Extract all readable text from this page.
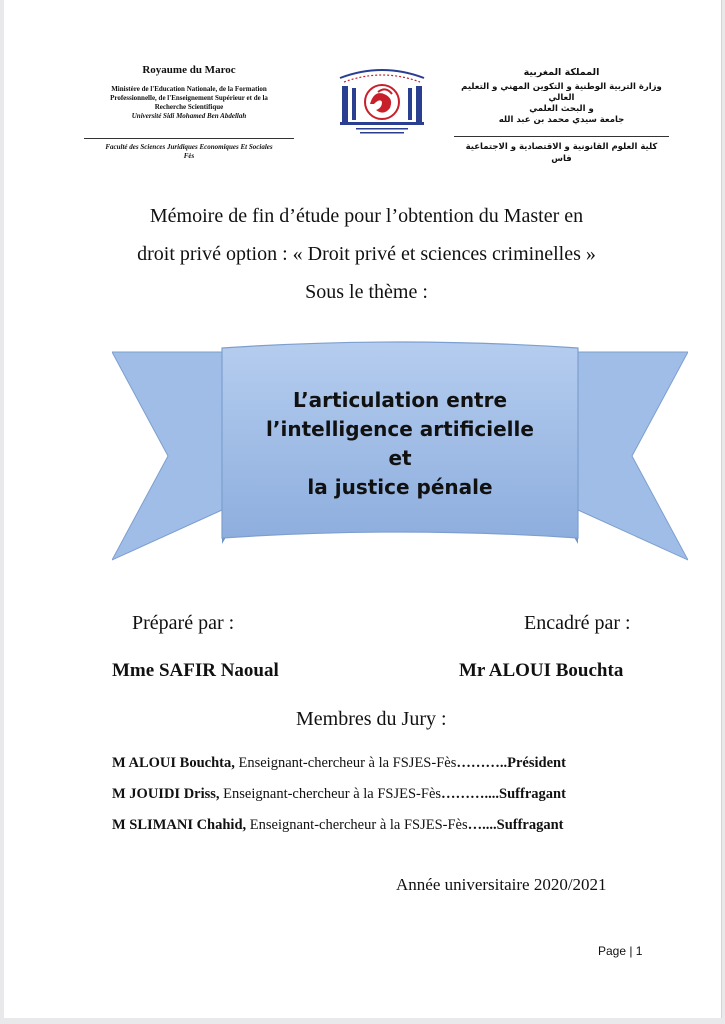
Royaume du Maroc
Ministère de l'Education Nationale, de la Formation
Professionnelle, de l'Enseignement Supérieur et de la
Recherche Scientifique
Université Sidi Mohamed Ben Abdellah
Faculté des Sciences Juridiques Economiques Et Sociales
Fès
المملكة المغربية
وزارة التربية الوطنية و التكوين المهني و التعليم العالي
و البحث العلمي
جامعة سيدي محمد بن عبد الله
كلية العلوم القانونية و الاقتصادية و الاجتماعية
فاس
Mémoire de fin d’étude pour l’obtention du Master en
droit privé option : « Droit privé et sciences criminelles »
Sous le thème :
L’articulation entre
l’intelligence artificielle
et
la justice pénale
Préparé par :	Encadré par :
Mme SAFIR Naoual	Mr ALOUI Bouchta
Membres du Jury :
M ALOUI Bouchta, Enseignant-chercheur à la FSJES-Fès………..Président
M JOUIDI Driss, Enseignant-chercheur à la FSJES-Fès………....Suffragant
M SLIMANI Chahid, Enseignant-chercheur à la FSJES-Fès…....Suffragant
Année universitaire 2020/2021
Page | 1
